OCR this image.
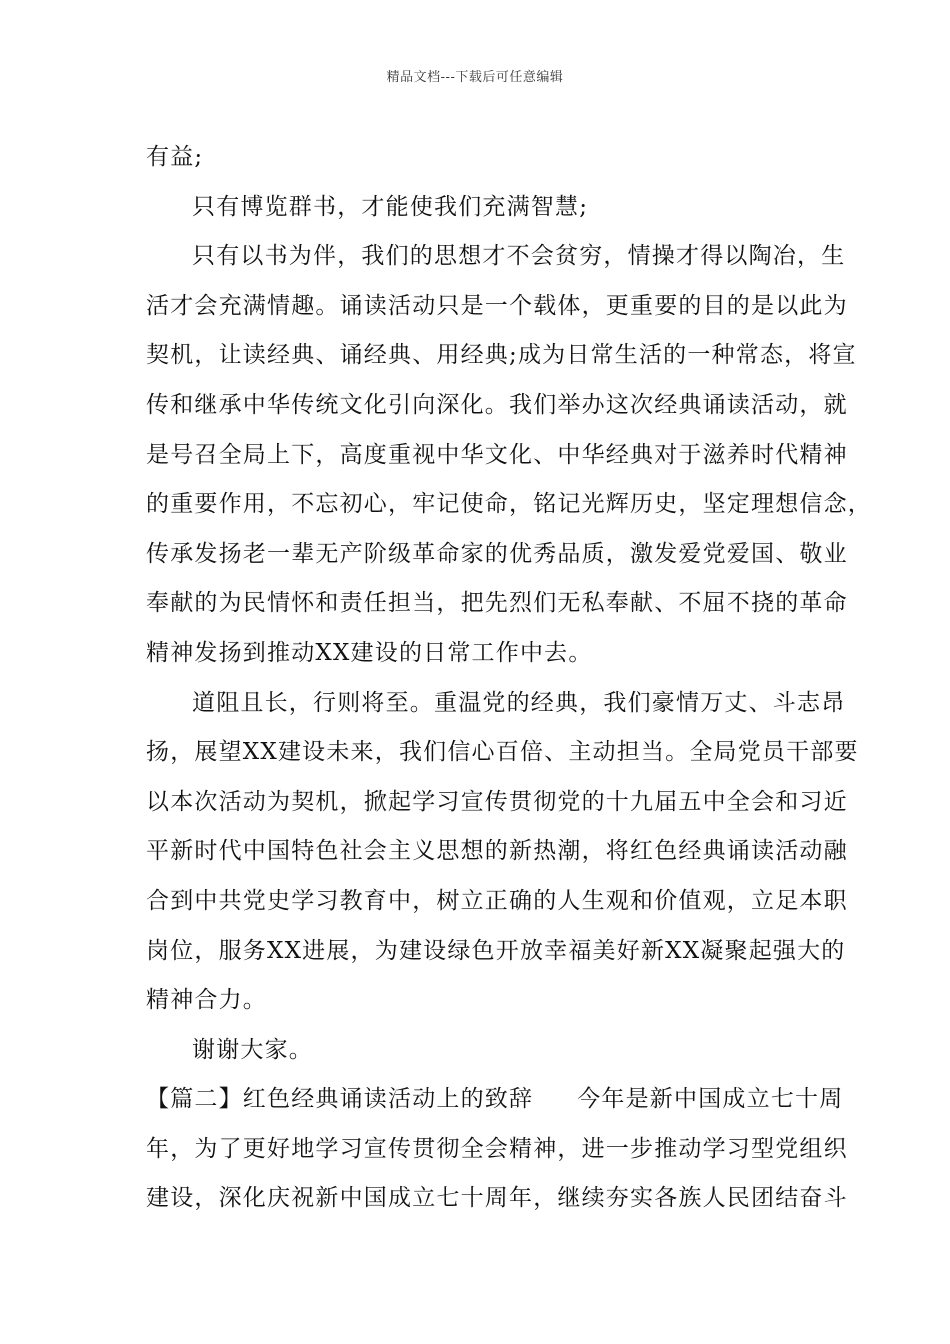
精品文档---下载后可任意编辑
有益;
只有博览群书，才能使我们充满智慧;
只有以书为伴，我们的思想才不会贫穷，情操才得以陶冶，生
活才会充满情趣。诵读活动只是一个载体，更重要的目的是以此为
契机，让读经典、诵经典、用经典;成为日常生活的一种常态，将宣
传和继承中华传统文化引向深化。我们举办这次经典诵读活动，就
是号召全局上下，高度重视中华文化、中华经典对于滋养时代精神
的重要作用，不忘初心，牢记使命，铭记光辉历史，坚定理想信念，
传承发扬老一辈无产阶级革命家的优秀品质，激发爱党爱国、敬业
奉献的为民情怀和责任担当，把先烈们无私奉献、不屈不挠的革命
精神发扬到推动XX建设的日常工作中去。
道阻且长，行则将至。重温党的经典，我们豪情万丈、斗志昂
扬，展望XX建设未来，我们信心百倍、主动担当。全局党员干部要
以本次活动为契机，掀起学习宣传贯彻党的十九届五中全会和习近
平新时代中国特色社会主义思想的新热潮，将红色经典诵读活动融
合到中共党史学习教育中，树立正确的人生观和价值观，立足本职
岗位，服务XX进展，为建设绿色开放幸福美好新XX凝聚起强大的
精神合力。
谢谢大家。
【篇二】红色经典诵读活动上的致辞 今年是新中国成立七十周
年，为了更好地学习宣传贯彻全会精神，进一步推动学习型党组织
建设，深化庆祝新中国成立七十周年，继续夯实各族人民团结奋斗
